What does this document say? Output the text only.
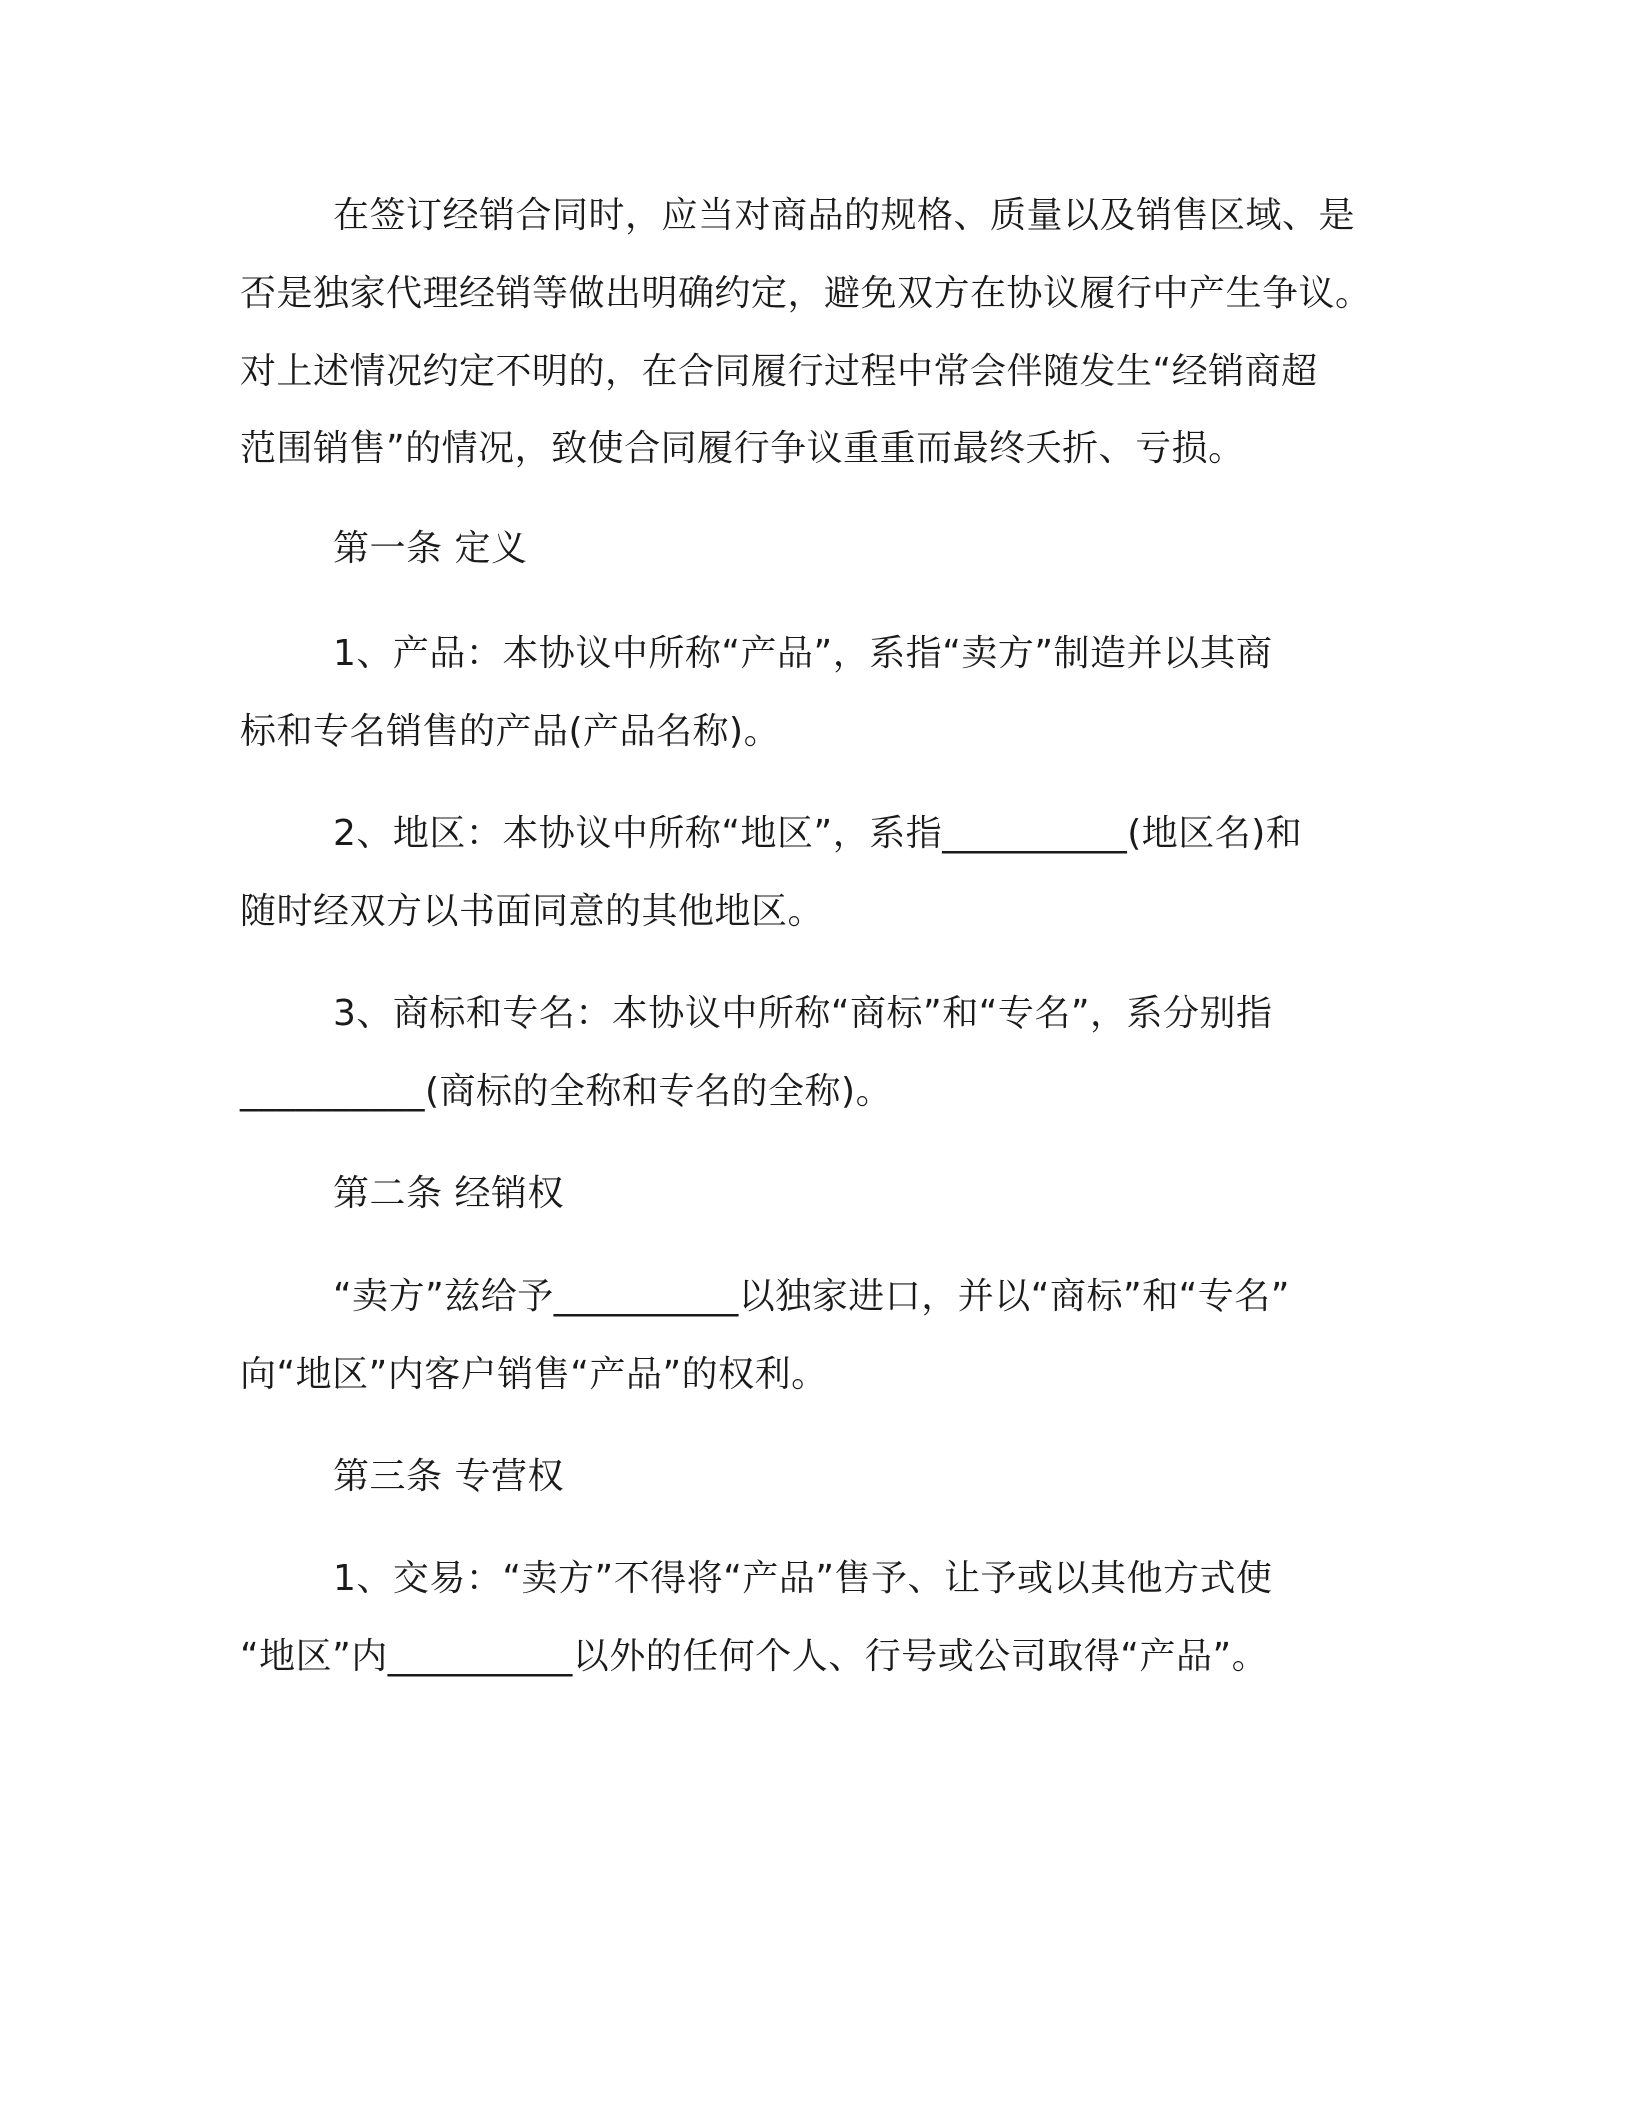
在签订经销合同时，应当对商品的规格、质量以及销售区域、是
否是独家代理经销等做出明确约定，避免双方在协议履行中产生争议。
对上述情况约定不明的，在合同履行过程中常会伴随发生“经销商超
范围销售”的情况，致使合同履行争议重重而最终夭折、亏损。
第一条 定义
1、产品：本协议中所称“产品”，系指“卖方”制造并以其商
标和专名销售的产品(产品名称)。
2、地区：本协议中所称“地区”，系指__________(地区名)和
随时经双方以书面同意的其他地区。
3、商标和专名：本协议中所称“商标”和“专名”，系分别指
__________(商标的全称和专名的全称)。
第二条 经销权
“卖方”兹给予__________以独家进口，并以“商标”和“专名”
向“地区”内客户销售“产品”的权利。
第三条 专营权
1、交易：“卖方”不得将“产品”售予、让予或以其他方式使
“地区”内__________以外的任何个人、行号或公司取得“产品”。
